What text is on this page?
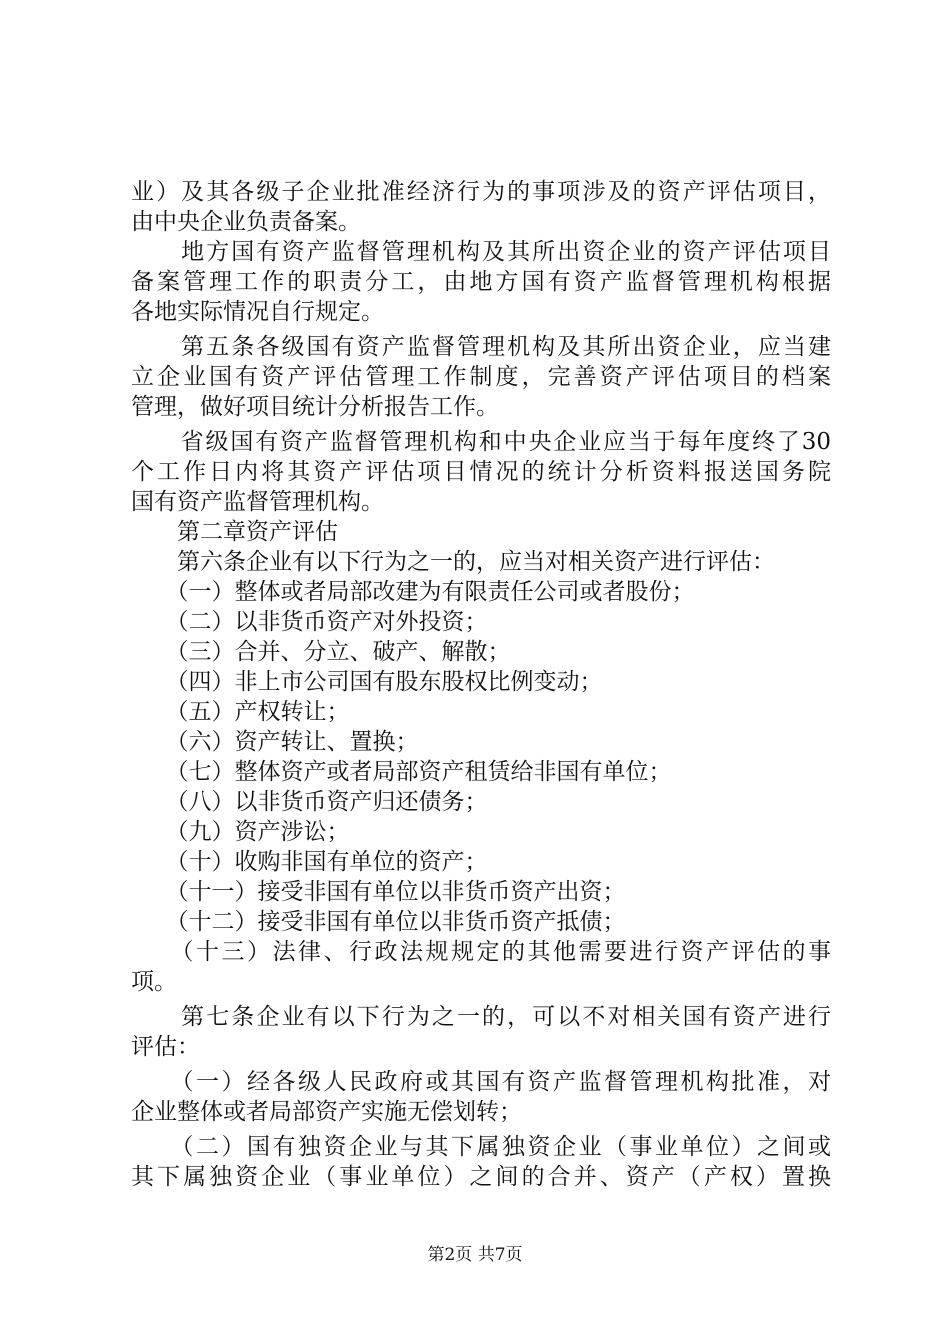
业）及其各级子企业批准经济行为的事项涉及的资产评估项目，
由中央企业负责备案。
　　地方国有资产监督管理机构及其所出资企业的资产评估项目
备案管理工作的职责分工，由地方国有资产监督管理机构根据
各地实际情况自行规定。
　　第五条各级国有资产监督管理机构及其所出资企业，应当建
立企业国有资产评估管理工作制度，完善资产评估项目的档案
管理，做好项目统计分析报告工作。
　　省级国有资产监督管理机构和中央企业应当于每年度终了30
个工作日内将其资产评估项目情况的统计分析资料报送国务院
国有资产监督管理机构。
　　第二章资产评估
　　第六条企业有以下行为之一的，应当对相关资产进行评估：
　　（一）整体或者局部改建为有限责任公司或者股份；
　　（二）以非货币资产对外投资；
　　（三）合并、分立、破产、解散；
　　（四）非上市公司国有股东股权比例变动；
　　（五）产权转让；
　　（六）资产转让、置换；
　　（七）整体资产或者局部资产租赁给非国有单位；
　　（八）以非货币资产归还债务；
　　（九）资产涉讼；
　　（十）收购非国有单位的资产；
　　（十一）接受非国有单位以非货币资产出资；
　　（十二）接受非国有单位以非货币资产抵债；
　　（十三）法律、行政法规规定的其他需要进行资产评估的事
项。
　　第七条企业有以下行为之一的，可以不对相关国有资产进行
评估：
　　（一）经各级人民政府或其国有资产监督管理机构批准，对
企业整体或者局部资产实施无偿划转；
　　（二）国有独资企业与其下属独资企业（事业单位）之间或
其下属独资企业（事业单位）之间的合并、资产（产权）置换
第2页 共7页
